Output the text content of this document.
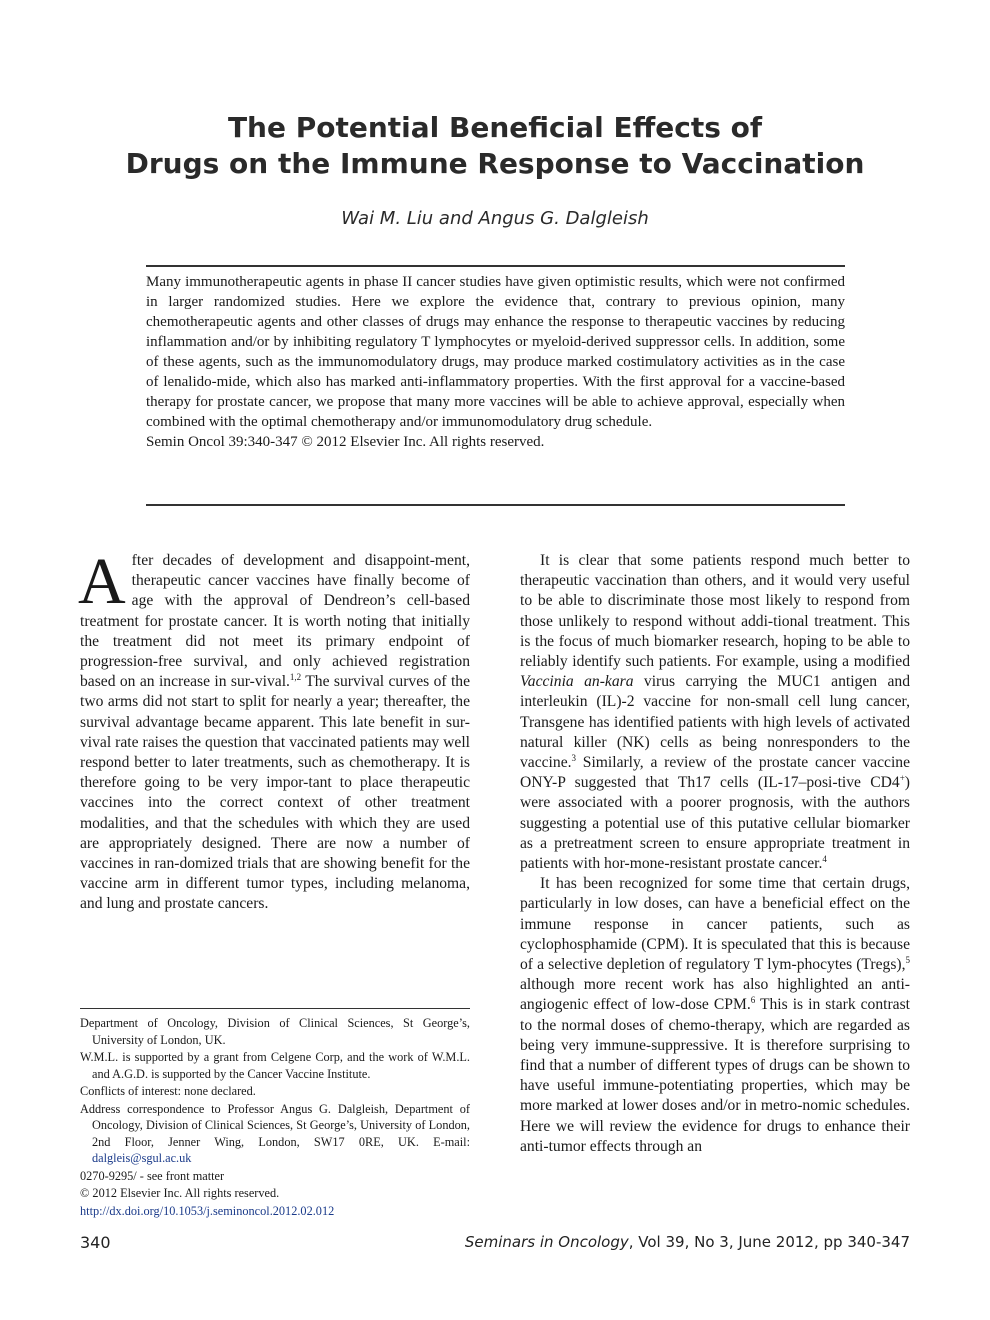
The Potential Beneficial Effects of
Drugs on the Immune Response to Vaccination
Wai M. Liu and Angus G. Dalgleish

Many immunotherapeutic agents in phase II cancer studies have given optimistic results, which were not confirmed in larger randomized studies. Here we explore the evidence that, contrary to previous opinion, many chemotherapeutic agents and other classes of drugs may enhance the response to therapeutic vaccines by reducing inflammation and/or by inhibiting regulatory T lymphocytes or myeloid-derived suppressor cells. In addition, some of these agents, such as the immunomodulatory drugs, may produce marked costimulatory activities as in the case of lenalido-mide, which also has marked anti-inflammatory properties. With the first approval for a vaccine-based therapy for prostate cancer, we propose that many more vaccines will be able to achieve approval, especially when combined with the optimal chemotherapy and/or immunomodulatory drug schedule.

Semin Oncol 39:340-347 © 2012 Elsevier Inc. All rights reserved.

After decades of development and disappoint-ment, therapeutic cancer vaccines have finally become of age with the approval of Dendreon’s cell-based treatment for prostate cancer. It is worth noting that initially the treatment did not meet its primary endpoint of progression-free survival, and only achieved registration based on an increase in sur-vival.$^{1,2}$ The survival curves of the two arms did not start to split for nearly a year; thereafter, the survival advantage became apparent. This late benefit in sur-vival rate raises the question that vaccinated patients may well respond better to later treatments, such as chemotherapy. It is therefore going to be very impor-tant to place therapeutic vaccines into the correct context of other treatment modalities, and that the schedules with which they are used are appropriately designed. There are now a number of vaccines in ran-domized trials that are showing benefit for the vaccine arm in different tumor types, including melanoma, and lung and prostate cancers.

Department of Oncology, Division of Clinical Sciences, St George’s, University of London, UK.

W.M.L. is supported by a grant from Celgene Corp, and the work of W.M.L. and A.G.D. is supported by the Cancer Vaccine Institute.

Conflicts of interest: none declared.

Address correspondence to Professor Angus G. Dalgleish, Department of Oncology, Division of Clinical Sciences, St George’s, University of London, 2nd Floor, Jenner Wing, London, SW17 0RE, UK. E-mail: dalgleis@sgul.ac.uk

0270-9295/ - see front matter

© 2012 Elsevier Inc. All rights reserved.

http://dx.doi.org/10.1053/j.seminoncol.2012.02.012

It is clear that some patients respond much better to therapeutic vaccination than others, and it would very useful to be able to discriminate those most likely to respond from those unlikely to respond without addi-tional treatment. This is the focus of much biomarker research, hoping to be able to reliably identify such patients. For example, using a modified Vaccinia an-kara virus carrying the MUC1 antigen and interleukin (IL)-2 vaccine for non-small cell lung cancer, Transgene has identified patients with high levels of activated natural killer (NK) cells as being nonresponders to the vaccine.$^3$ Similarly, a review of the prostate cancer vaccine ONY-P suggested that Th17 cells (IL-17–posi-tive CD4+) were associated with a poorer prognosis, with the authors suggesting a potential use of this putative cellular biomarker as a pretreatment screen to ensure appropriate treatment in patients with hor-mone-resistant prostate cancer.$^4$

It has been recognized for some time that certain drugs, particularly in low doses, can have a beneficial effect on the immune response in cancer patients, such as cyclophosphamide (CPM). It is speculated that this is because of a selective depletion of regulatory T lym-phocytes (Tregs),$^5$ although more recent work has also highlighted an anti-angiogenic effect of low-dose CPM.$^6$ This is in stark contrast to the normal doses of chemo-therapy, which are regarded as being very immune-suppressive. It is therefore surprising to find that a number of different types of drugs can be shown to have useful immune-potentiating properties, which may be more marked at lower doses and/or in metro-nomic schedules. Here we will review the evidence for drugs to enhance their anti-tumor effects through an

340	Seminars in Oncology, Vol 39, No 3, June 2012, pp 340-347
